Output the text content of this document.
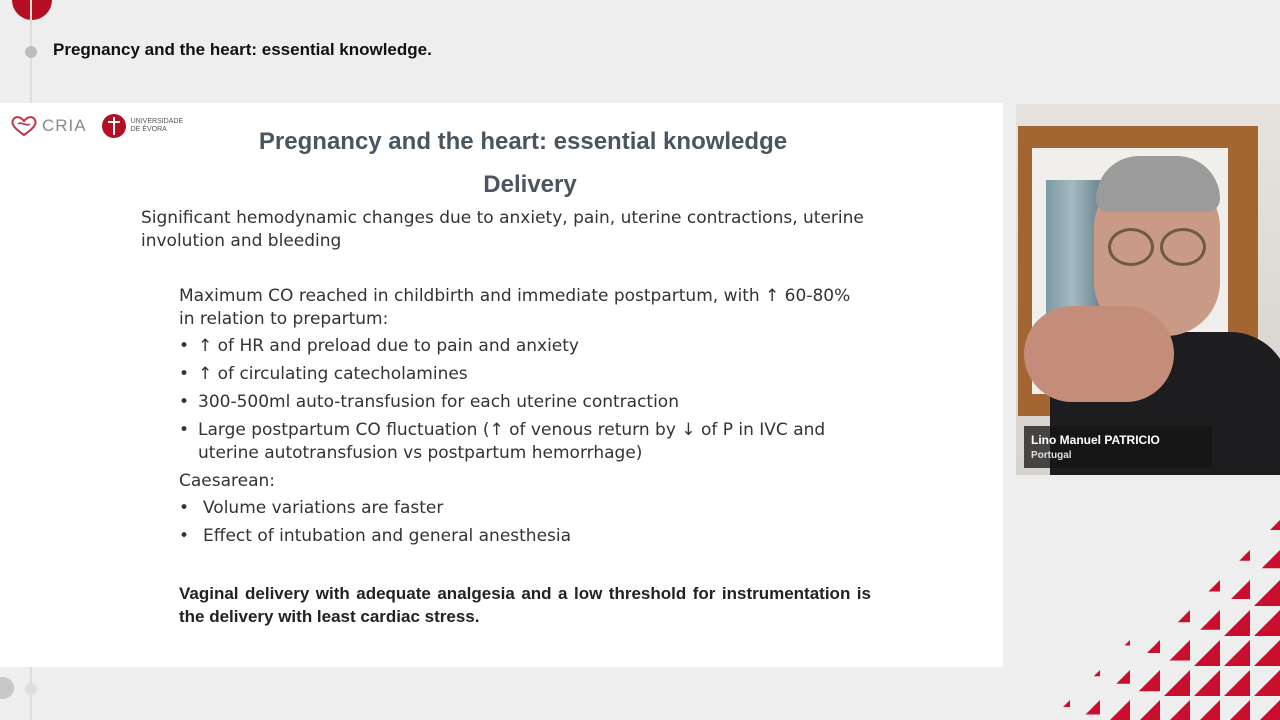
Pregnancy and the heart: essential knowledge.
CRIA	UNIVERSIDADE
DE ÉVORA	Pregnancy and the heart: essential knowledge
Delivery
Significant hemodynamic changes due to anxiety, pain, uterine contractions, uterine involution and bleeding

Maximum CO reached in childbirth and immediate postpartum, with ↑ 60-80% in relation to prepartum:

• ↑ of HR and preload due to pain and anxiety
• ↑ of circulating catecholamines
• 300-500ml auto-transfusion for each uterine contraction
• Large postpartum CO fluctuation (↑ of venous return by ↓ of P in IVC and uterine autotransfusion vs postpartum hemorrhage)

Caesarean:

• Volume variations are faster
• Effect of intubation and general anesthesia
Vaginal delivery with adequate analgesia and a low threshold for instrumentation is the delivery with least cardiac stress.
Lino Manuel PATRICIO
Portugal
